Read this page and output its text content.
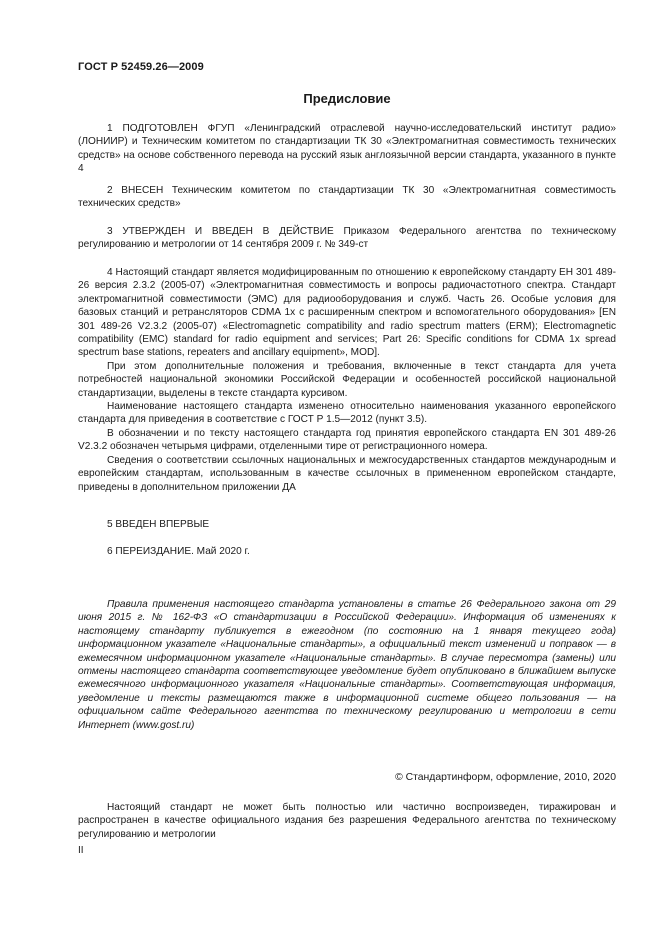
ГОСТ Р 52459.26—2009
Предисловие
1 ПОДГОТОВЛЕН ФГУП «Ленинградский отраслевой научно-исследовательский институт радио» (ЛОНИИР) и Техническим комитетом по стандартизации ТК 30 «Электромагнитная совместимость технических средств» на основе собственного перевода на русский язык англоязычной версии стандарта, указанного в пункте 4
2 ВНЕСЕН Техническим комитетом по стандартизации ТК 30 «Электромагнитная совместимость технических средств»
3 УТВЕРЖДЕН И ВВЕДЕН В ДЕЙСТВИЕ Приказом Федерального агентства по техническому регулированию и метрологии от 14 сентября 2009 г. № 349-ст

4 Настоящий стандарт является модифицированным по отношению к европейскому стандарту ЕН 301 489-26 версия 2.3.2 (2005-07) «Электромагнитная совместимость и вопросы радиочастотного спектра. Стандарт электромагнитной совместимости (ЭМС) для радиооборудования и служб. Часть 26. Особые условия для базовых станций и ретрансляторов CDMA 1x с расширенным спектром и вспомогательного оборудования» [EN 301 489-26 V2.3.2 (2005-07) «Electromagnetic compatibility and radio spectrum matters (ERM); Electromagnetic compatibility (EMC) standard for radio equipment and services; Part 26: Specific conditions for CDMA 1x spread spectrum base stations, repeaters and ancillary equipment», MOD].

При этом дополнительные положения и требования, включенные в текст стандарта для учета потребностей национальной экономики Российской Федерации и особенностей российской национальной стандартизации, выделены в тексте стандарта курсивом.

Наименование настоящего стандарта изменено относительно наименования указанного европейского стандарта для приведения в соответствие с ГОСТ Р 1.5—2012 (пункт 3.5).

В обозначении и по тексту настоящего стандарта год принятия европейского стандарта EN 301 489-26 V2.3.2 обозначен четырьмя цифрами, отделенными тире от регистрационного номера.

Сведения о соответствии ссылочных национальных и межгосударственных стандартов международным и европейским стандартам, использованным в качестве ссылочных в примененном европейском стандарте, приведены в дополнительном приложении ДА

5 ВВЕДЕН ВПЕРВЫЕ
6 ПЕРЕИЗДАНИЕ. Май 2020 г.
Правила применения настоящего стандарта установлены в статье 26 Федерального закона от 29 июня 2015 г. № 162-ФЗ «О стандартизации в Российской Федерации». Информация об изменениях к настоящему стандарту публикуется в ежегодном (по состоянию на 1 января текущего года) информационном указателе «Национальные стандарты», а официальный текст изменений и поправок — в ежемесячном информационном указателе «Национальные стандарты». В случае пересмотра (замены) или отмены настоящего стандарта соответствующее уведомление будет опубликовано в ближайшем выпуске ежемесячного информационного указателя «Национальные стандарты». Соответствующая информация, уведомление и тексты размещаются также в информационной системе общего пользования — на официальном сайте Федерального агентства по техническому регулированию и метрологии в сети Интернет (www.gost.ru)
© Стандартинформ, оформление, 2010, 2020
Настоящий стандарт не может быть полностью или частично воспроизведен, тиражирован и распространен в качестве официального издания без разрешения Федерального агентства по техническому регулированию и метрологии
II
